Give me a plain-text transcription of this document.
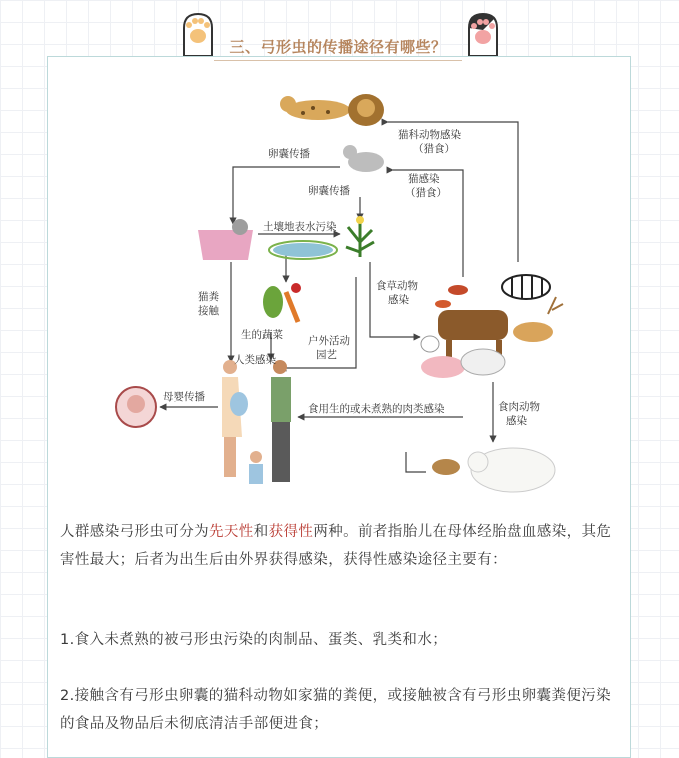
三、弓形虫的传播途径有哪些？
卵囊传播
猫科动物感染
（猎食）
卵囊传播
猫感染
（猎食）
土壤地表水污染
食草动物
感染
猫粪
接触
生的蔬菜 户外活动
园艺
人类感染
母婴传播
食用生的或未煮熟的肉类感染	食肉动物
感染
人群感染弓形虫可分为先天性和获得性两种。前者指胎儿在母体经胎盘血感染，其危害性最大；后者为出生后由外界获得感染，获得性感染途径主要有：
1.食入未煮熟的被弓形虫污染的肉制品、蛋类、乳类和水；
2.接触含有弓形虫卵囊的猫科动物如家猫的粪便，或接触被含有弓形虫卵囊粪便污染的食品及物品后未彻底清洁手部便进食；
